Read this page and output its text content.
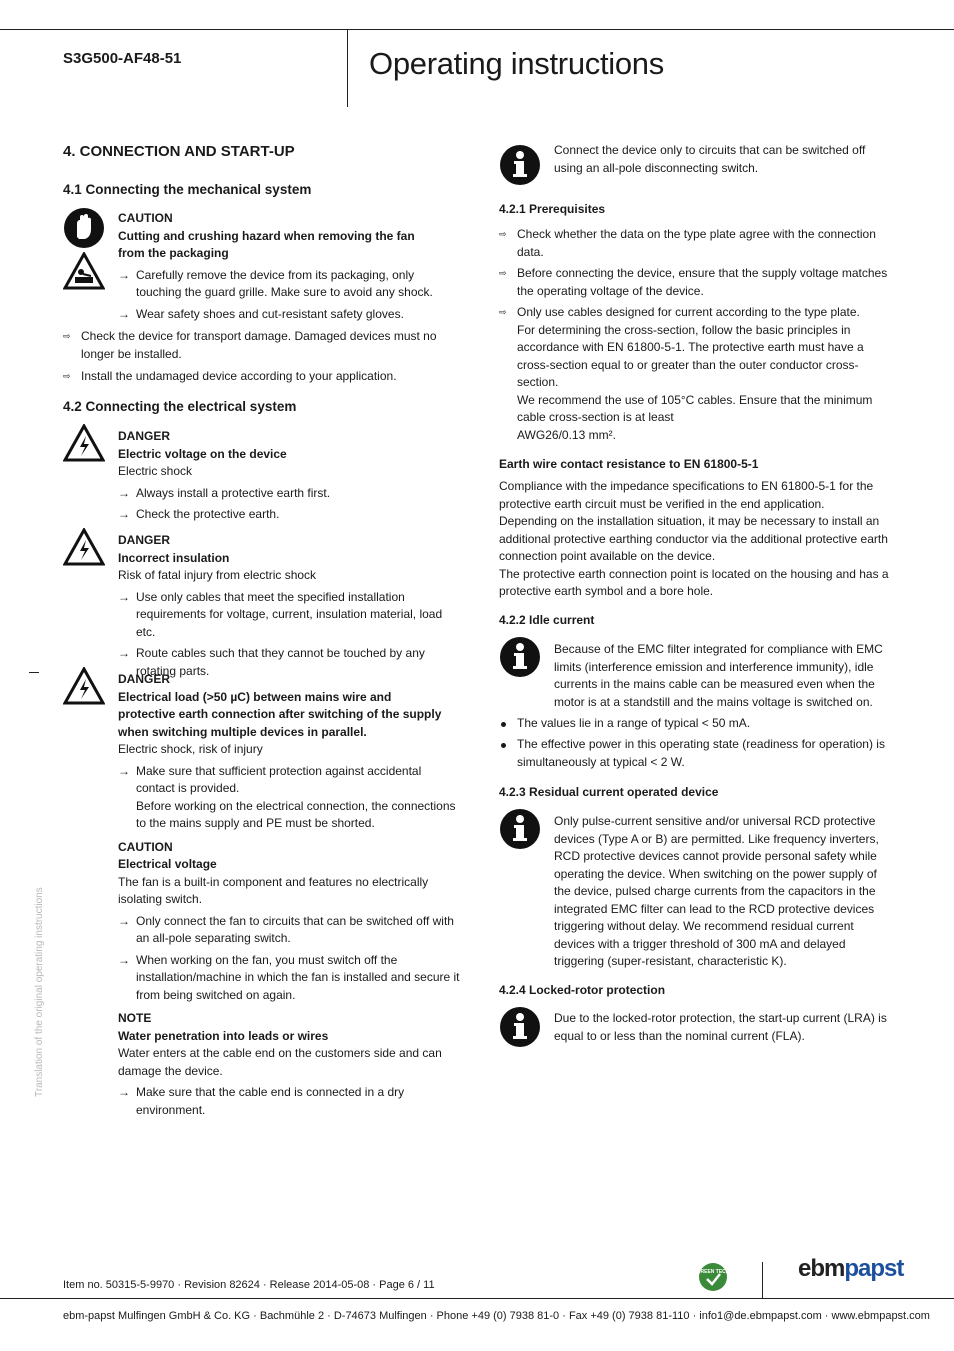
S3G500-AF48-51	Operating instructions
Translation of the original operating instructions
4. CONNECTION AND START-UP
4.1 Connecting the mechanical system
CAUTION
Cutting and crushing hazard when removing the fan from the packaging
→ Carefully remove the device from its packaging, only touching the guard grille. Make sure to avoid any shock.
→ Wear safety shoes and cut-resistant safety gloves.
⇨ Check the device for transport damage. Damaged devices must no longer be installed.
⇨ Install the undamaged device according to your application.
4.2 Connecting the electrical system
DANGER
Electric voltage on the device
Electric shock
→ Always install a protective earth first.
→ Check the protective earth.
DANGER
Incorrect insulation
Risk of fatal injury from electric shock
→ Use only cables that meet the specified installation requirements for voltage, current, insulation material, load etc.
→ Route cables such that they cannot be touched by any rotating parts.
DANGER
Electrical load (>50 µC) between mains wire and protective earth connection after switching of the supply when switching multiple devices in parallel.
Electric shock, risk of injury
→ Make sure that sufficient protection against accidental contact is provided.
Before working on the electrical connection, the connections to the mains supply and PE must be shorted.
CAUTION
Electrical voltage
The fan is a built-in component and features no electrically isolating switch.
→ Only connect the fan to circuits that can be switched off with an all-pole separating switch.
→ When working on the fan, you must switch off the installation/machine in which the fan is installed and secure it from being switched on again.
NOTE
Water penetration into leads or wires
Water enters at the cable end on the customers side and can damage the device.
→ Make sure that the cable end is connected in a dry environment.
Connect the device only to circuits that can be switched off using an all-pole disconnecting switch.
4.2.1 Prerequisites
⇨ Check whether the data on the type plate agree with the connection data.
⇨ Before connecting the device, ensure that the supply voltage matches the operating voltage of the device.
⇨ Only use cables designed for current according to the type plate.
For determining the cross-section, follow the basic principles in accordance with EN 61800-5-1. The protective earth must have a cross-section equal to or greater than the outer conductor cross-section.
We recommend the use of 105°C cables. Ensure that the minimum cable cross-section is at least
AWG26/0.13 mm².
Earth wire contact resistance to EN 61800-5-1
Compliance with the impedance specifications to EN 61800-5-1 for the protective earth circuit must be verified in the end application.
Depending on the installation situation, it may be necessary to install an additional protective earthing conductor via the additional protective earth connection point available on the device.
The protective earth connection point is located on the housing and has a protective earth symbol and a bore hole.
4.2.2 Idle current
Because of the EMC filter integrated for compliance with EMC limits (interference emission and interference immunity), idle currents in the mains cable can be measured even when the motor is at a standstill and the mains voltage is switched on.
The values lie in a range of typical < 50 mA.
The effective power in this operating state (readiness for operation) is simultaneously at typical < 2 W.
4.2.3 Residual current operated device
Only pulse-current sensitive and/or universal RCD protective devices (Type A or B) are permitted. Like frequency inverters, RCD protective devices cannot provide personal safety while operating the device. When switching on the power supply of the device, pulsed charge currents from the capacitors in the integrated EMC filter can lead to the RCD protective devices triggering without delay. We recommend residual current devices with a trigger threshold of 300 mA and delayed triggering (super-resistant, characteristic K).
4.2.4 Locked-rotor protection
Due to the locked-rotor protection, the start-up current (LRA) is equal to or less than the nominal current (FLA).
Item no. 50315-5-9970 · Revision 82624 · Release 2014-05-08 · Page 6 / 11
GREEN TECH	ebmpapst
ebm-papst Mulfingen GmbH & Co. KG · Bachmühle 2 · D-74673 Mulfingen · Phone +49 (0) 7938 81-0 · Fax +49 (0) 7938 81-110 · info1@de.ebmpapst.com · www.ebmpapst.com
